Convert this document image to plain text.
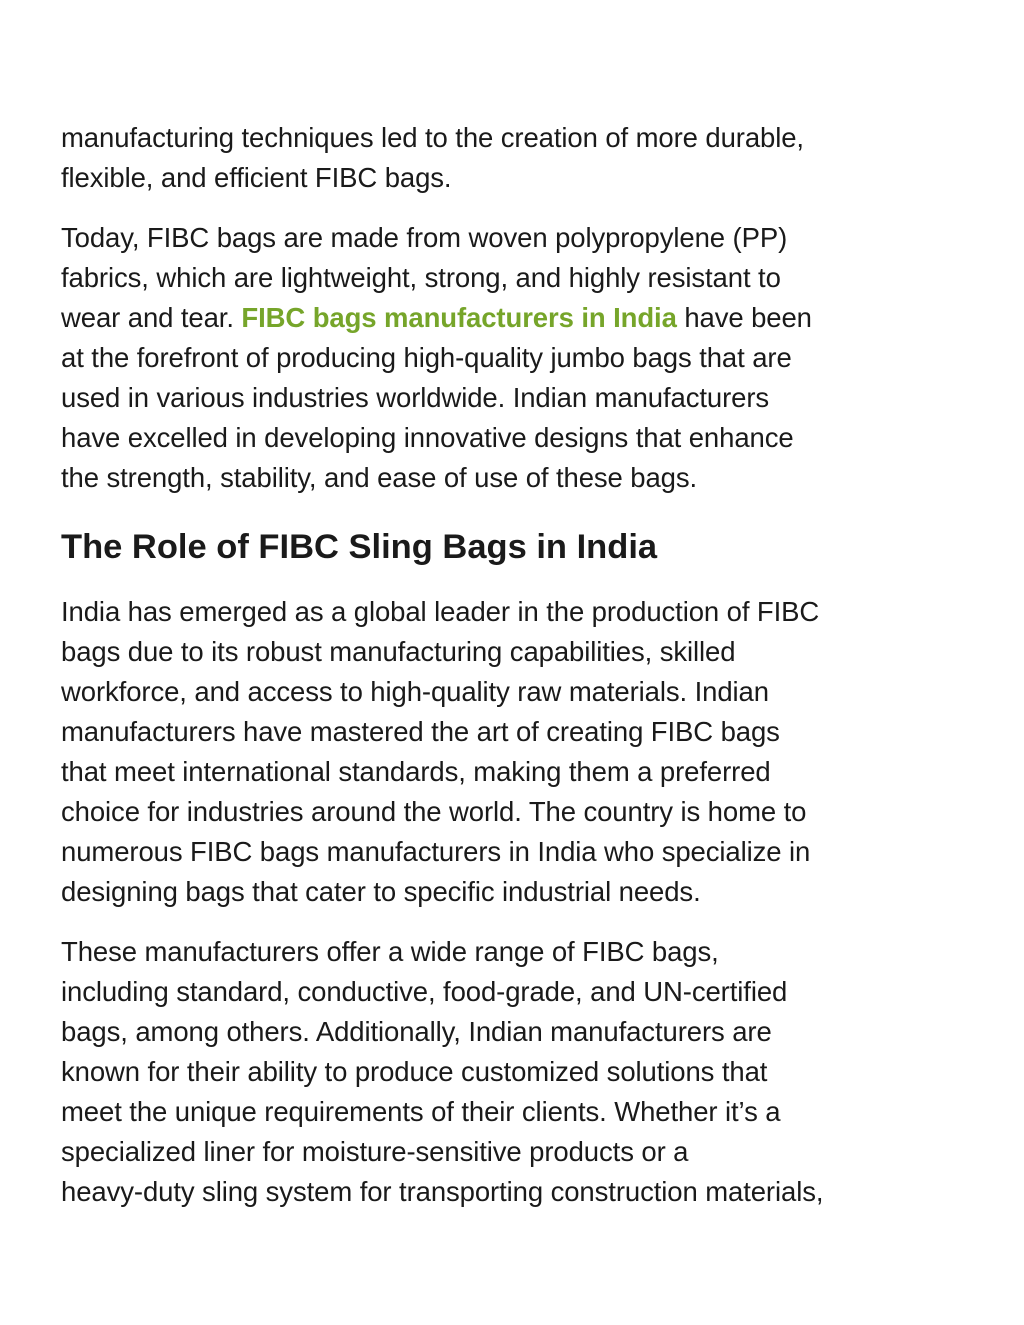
manufacturing techniques led to the creation of more durable,
flexible, and efficient FIBC bags.

Today, FIBC bags are made from woven polypropylene (PP)
fabrics, which are lightweight, strong, and highly resistant to
wear and tear. FIBC bags manufacturers in India have been
at the forefront of producing high-quality jumbo bags that are
used in various industries worldwide. Indian manufacturers
have excelled in developing innovative designs that enhance
the strength, stability, and ease of use of these bags.

The Role of FIBC Sling Bags in India

India has emerged as a global leader in the production of FIBC
bags due to its robust manufacturing capabilities, skilled
workforce, and access to high-quality raw materials. Indian
manufacturers have mastered the art of creating FIBC bags
that meet international standards, making them a preferred
choice for industries around the world. The country is home to
numerous FIBC bags manufacturers in India who specialize in
designing bags that cater to specific industrial needs.

These manufacturers offer a wide range of FIBC bags,
including standard, conductive, food-grade, and UN-certified
bags, among others. Additionally, Indian manufacturers are
known for their ability to produce customized solutions that
meet the unique requirements of their clients. Whether it’s a
specialized liner for moisture-sensitive products or a
heavy-duty sling system for transporting construction materials,
